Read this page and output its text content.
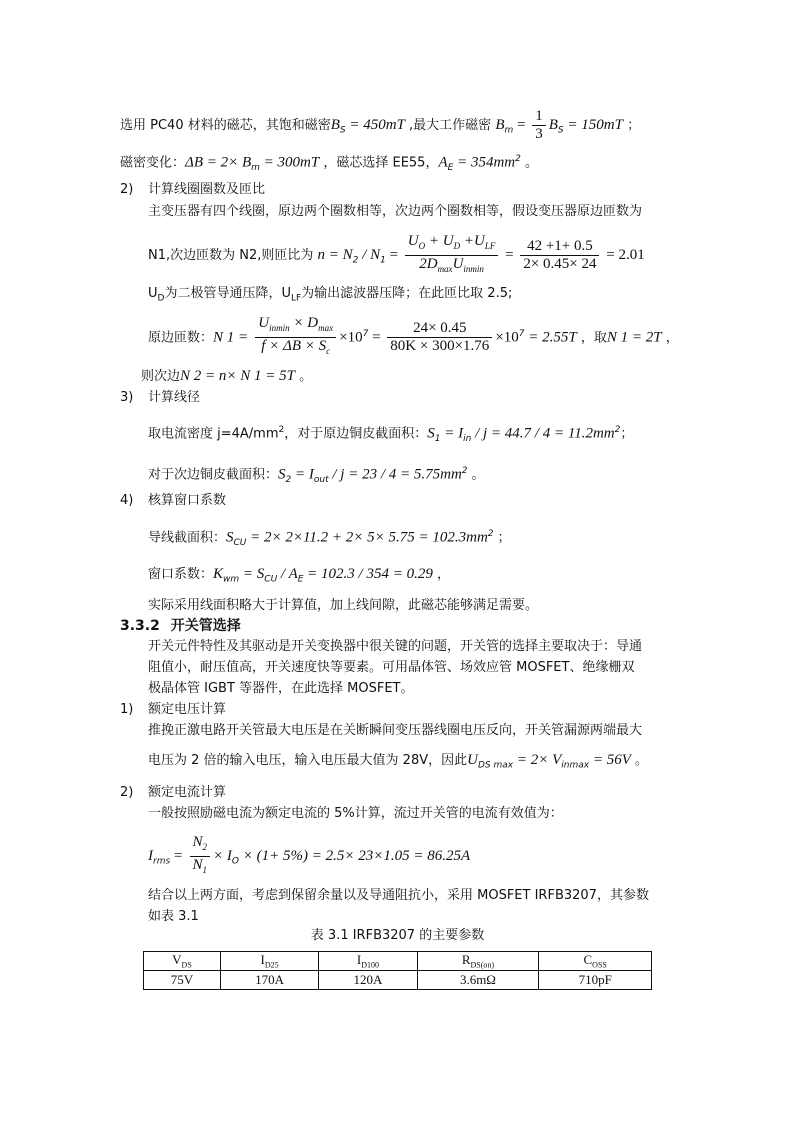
选用 PC40 材料的磁芯，其饱和磁密$B_S = 450mT$ ,最大工作磁密 $B_m = \frac{1}{3} B_S = 150mT$ ；
磁密变化：$\Delta B = 2\times B_m = 300mT$ ，磁芯选择 EE55，$A_E = 354mm^2$ 。
2) 计算线圈圈数及匝比
主变压器有四个线圈，原边两个圈数相等，次边两个圈数相等，假设变压器原边匝数为
N1,次边匝数为 N2,则匝比为 $n = N_2 / N_1 = \frac{U_O + U_D +U_{LF}}{2D_{max}U_{inmin}} = \frac{42 +1+ 0.5}{2\times 0.45\times 24} = 2.01$
$U_D$为二极管导通压降，$U_{LF}$为输出滤波器压降；在此匝比取 2.5;
原边匝数：N $1 = \frac{U_{inmin} \times D_{max}}{f \times \Delta B \times S_c} \times 10^7 = \frac{24\times 0.45}{80K \times 300\times 1.76} \times 10^7 = 2.55T$ ，取N 1 = 2T ，
则次边N 2 = n× N 1 = 5T 。
3) 计算线径
取电流密度 $j=4A/mm^2$，对于原边铜皮截面积：$S_1 = I_{in} / j = 44.7 / 4 = 11.2mm^2$；
对于次边铜皮截面积：$S_2 = I_{out} / j = 23 / 4 = 5.75mm^2$ 。
4) 核算窗口系数
导线截面积：$S_{CU} = 2\times 2\times 11.2 + 2\times 5\times 5.75 = 102.3mm^2$ ；
窗口系数：$K_{wm} = S_{CU} / A_E = 102.3 / 354 = 0.29$ ，
实际采用线面积略大于计算值，加上线间隙，此磁芯能够满足需要。
3.3.2 开关管选择
开关元件特性及其驱动是开关变换器中很关键的问题，开关管的选择主要取决于：导通
阻值小，耐压值高，开关速度快等要素。可用晶体管、场效应管 MOSFET、绝缘栅双
极晶体管 IGBT 等器件，在此选择 MOSFET。
1) 额定电压计算
推挽正激电路开关管最大电压是在关断瞬间变压器线圈电压反向，开关管漏源两端最大
电压为 2 倍的输入电压，输入电压最大值为 28V，因此$U_{DS max} = 2\times V_{inmax} = 56V$ 。
2) 额定电流计算
一般按照励磁电流为额定电流的 5%计算，流过开关管的电流有效值为：
$I_{rms} = \frac{N_2}{N_1} \times I_O \times (1+ 5\%) = 2.5\times 23\times 1.05 = 86.25A$
结合以上两方面，考虑到保留余量以及导通阻抗小，采用 MOSFET IRFB3207，其参数
如表 3.1
表 3.1 IRFB3207 的主要参数
$V_{DS}$	$I_{D25}$	$I_{D100}$	$R_{DS(on)}$	$C_{OSS}$
75V	170A	120A	3.6mΩ	710pF
